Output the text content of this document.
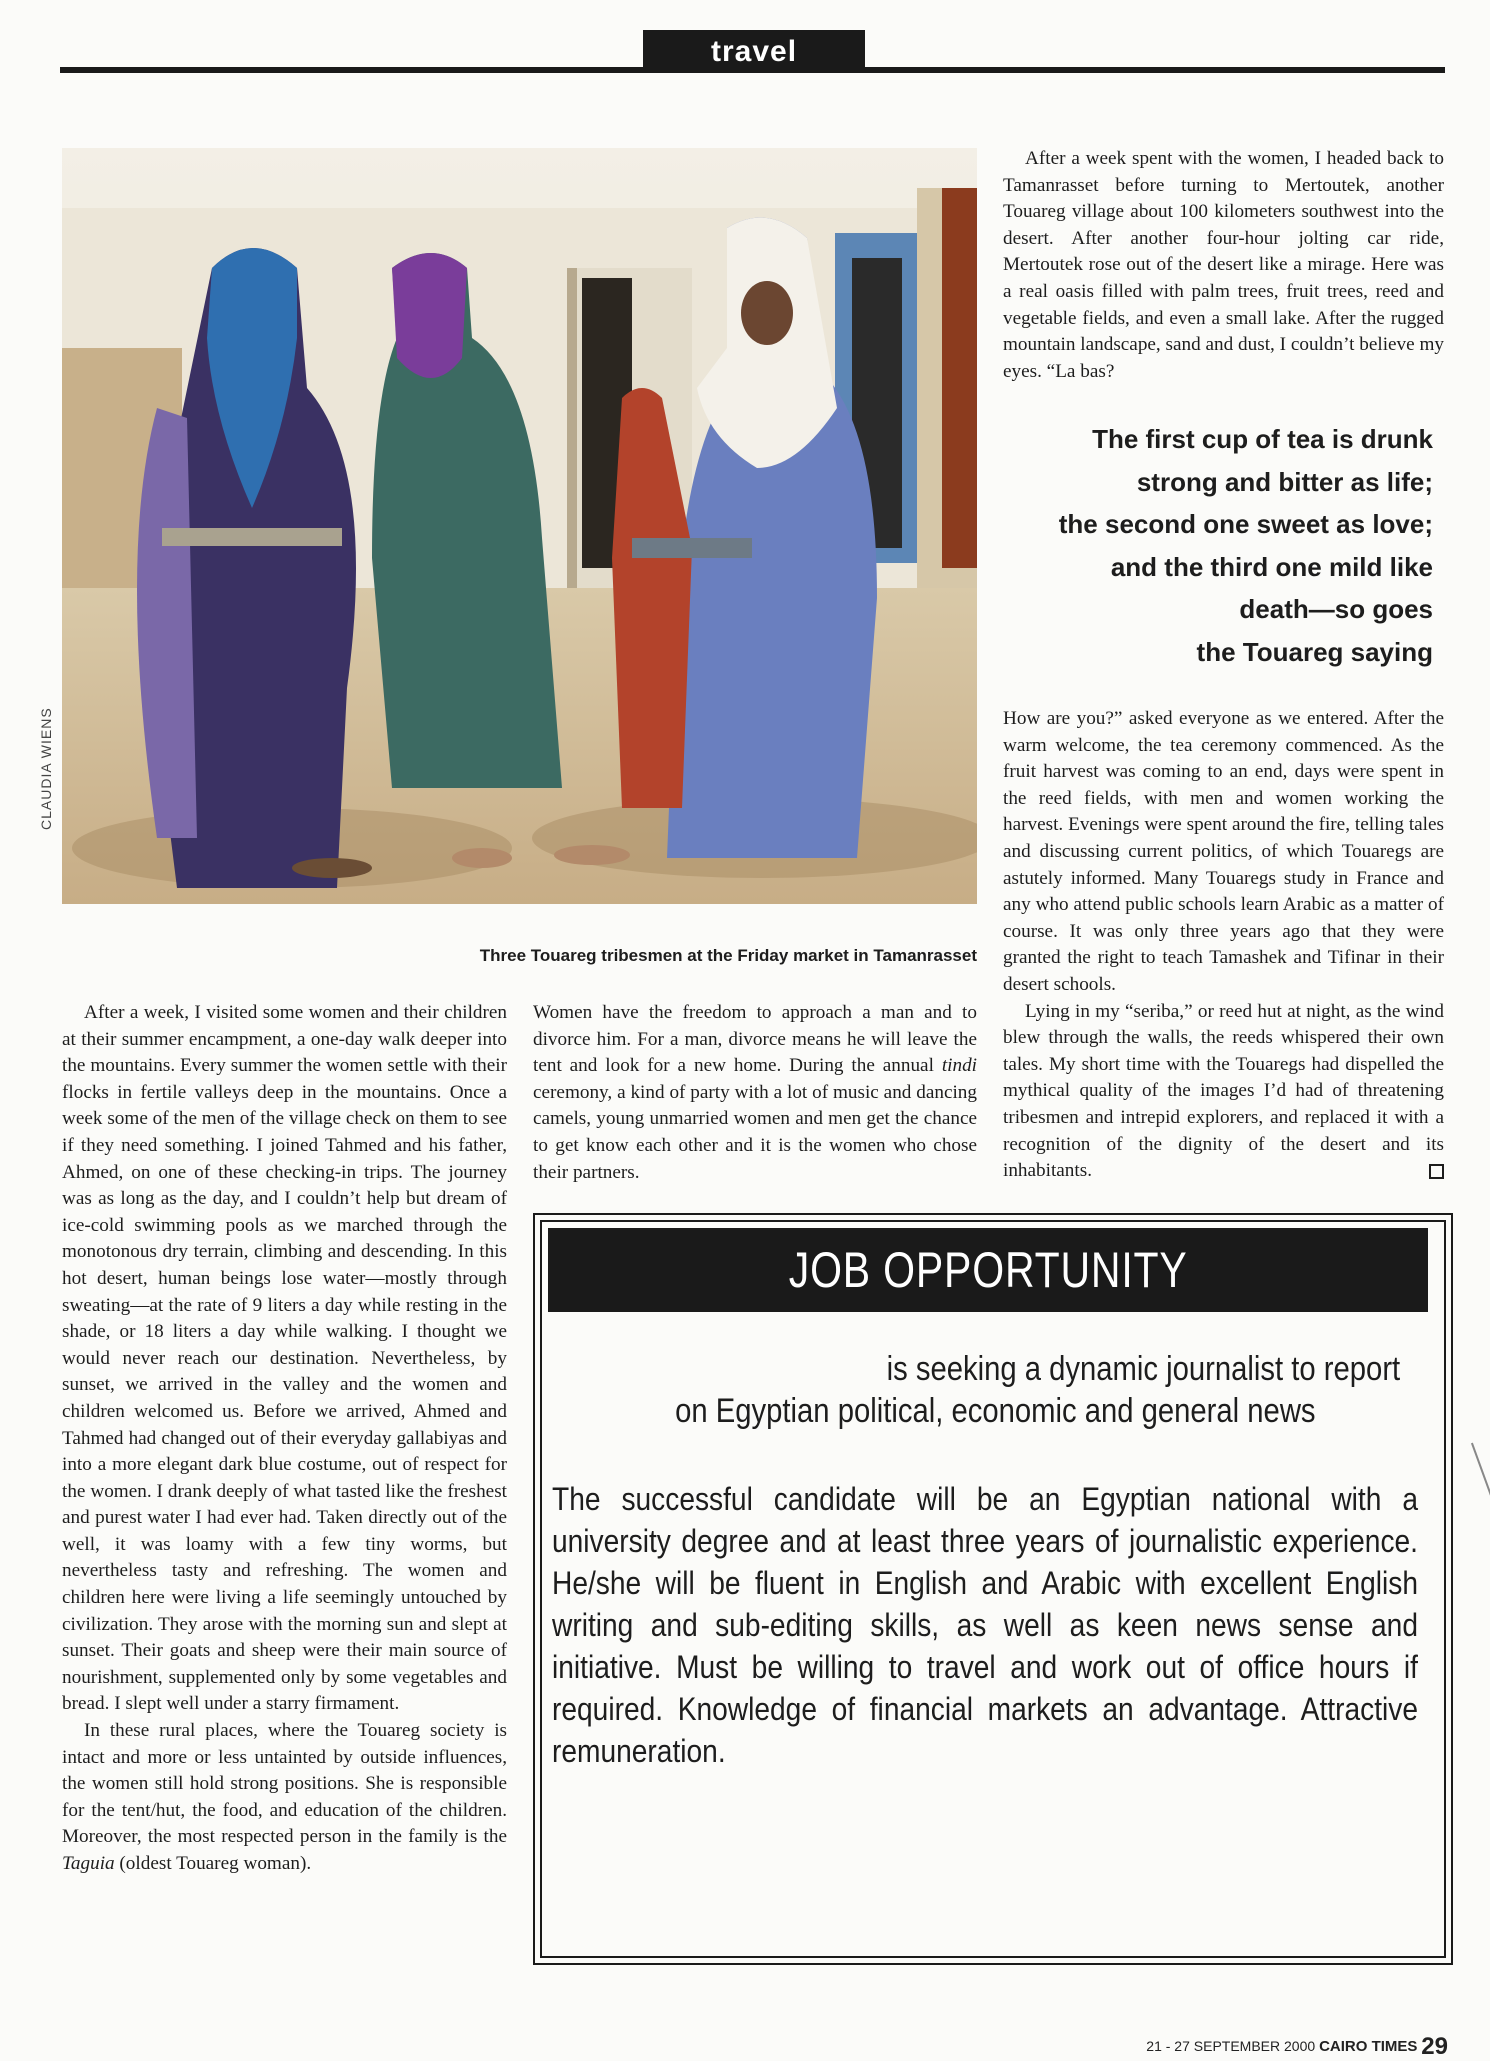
travel
CLAUDIA WIENS
Three Touareg tribesmen at the Friday market in Tamanrasset

After a week, I visited some women and their children at their summer encampment, a one-day walk deeper into the mountains. Every summer the women settle with their flocks in fertile valleys deep in the mountains. Once a week some of the men of the village check on them to see if they need something. I joined Tahmed and his father, Ahmed, on one of these checking-in trips. The journey was as long as the day, and I couldn’t help but dream of ice-cold swimming pools as we marched through the monotonous dry terrain, climbing and descending. In this hot desert, human beings lose water—mostly through sweating—at the rate of 9 liters a day while resting in the shade, or 18 liters a day while walking. I thought we would never reach our destination. Nevertheless, by sunset, we arrived in the valley and the women and children welcomed us. Before we arrived, Ahmed and Tahmed had changed out of their everyday gallabiyas and into a more elegant dark blue costume, out of respect for the women. I drank deeply of what tasted like the freshest and purest water I had ever had. Taken directly out of the well, it was loamy with a few tiny worms, but nevertheless tasty and refreshing. The women and children here were living a life seemingly untouched by civilization. They arose with the morning sun and slept at sunset. Their goats and sheep were their main source of nourishment, supplemented only by some vegetables and bread. I slept well under a starry firmament.

In these rural places, where the Touareg society is intact and more or less untainted by outside influences, the women still hold strong positions. She is responsible for the tent/hut, the food, and education of the children. Moreover, the most respected person in the family is the Taguia (oldest Touareg woman).

Women have the freedom to approach a man and to divorce him. For a man, divorce means he will leave the tent and look for a new home. During the annual tindi ceremony, a kind of party with a lot of music and dancing camels, young unmarried women and men get the chance to get know each other and it is the women who chose their partners.

After a week spent with the women, I headed back to Tamanrasset before turning to Mertoutek, another Touareg village about 100 kilometers southwest into the desert. After another four-hour jolting car ride, Mertoutek rose out of the desert like a mirage. Here was a real oasis filled with palm trees, fruit trees, reed and vegetable fields, and even a small lake. After the rugged mountain landscape, sand and dust, I couldn’t believe my eyes. “La bas?

The first cup of tea is drunk
strong and bitter as life;
the second one sweet as love;
and the third one mild like
death—so goes
the Touareg saying

How are you?” asked everyone as we entered. After the warm welcome, the tea ceremony commenced. As the fruit harvest was coming to an end, days were spent in the reed fields, with men and women working the harvest. Evenings were spent around the fire, telling tales and discussing current politics, of which Touaregs are astutely informed. Many Touaregs study in France and any who attend public schools learn Arabic as a matter of course. It was only three years ago that they were granted the right to teach Tamashek and Tifinar in their desert schools.

Lying in my “seriba,” or reed hut at night, as the wind blew through the walls, the reeds whispered their own tales. My short time with the Touaregs had dispelled the mythical quality of the images I’d had of threatening tribesmen and intrepid explorers, and replaced it with a recognition of the dignity of the desert and its inhabitants.

JOB OPPORTUNITY
is seeking a dynamic journalist to report
on Egyptian political, economic and general news
The successful candidate will be an Egyptian national with a university degree and at least three years of journalistic experience. He/she will be fluent in English and Arabic with excellent English writing and sub-editing skills, as well as keen news sense and initiative. Must be willing to travel and work out of office hours if required. Knowledge of financial markets an advantage. Attractive remuneration.
21 - 27 SEPTEMBER 2000 CAIRO TIMES 29
